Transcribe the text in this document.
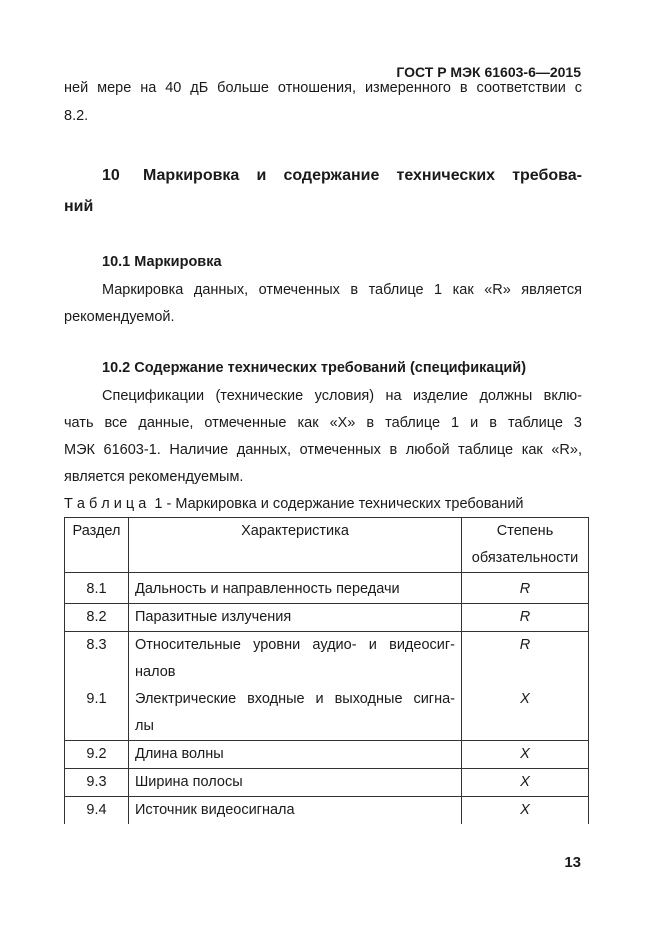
ГОСТ Р МЭК 61603-6—2015

ней мере на 40 дБ больше отношения, измеренного в соответствии с

8.2.

10 Маркировка и содержание технических требова-
ний
10.1 Маркировка

Маркировка данных, отмеченных в таблице 1 как «R» является

рекомендуемой.

10.2 Содержание технических требований (спецификаций)

Спецификации (технические условия) на изделие должны вклю-

чать все данные, отмеченные как «X» в таблице 1 и в таблице 3

МЭК 61603-1. Наличие данных, отмеченных в любой таблице как «R»,

является рекомендуемым.

Т а б л и ц а  1 - Маркировка и содержание технических требований
Раздел	Характеристика	Степень
обязательности

8.1	Дальность и направленность передачи	R
8.2	Паразитные излучения	R
8.3	Относительные уровни аудио- и видеосиг-
налов	R

9.1	Электрические входные и выходные сигна-
лы	X
9.2	Длина волны	X
9.3	Ширина полосы	X
9.4	Источник видеосигнала	X
13
